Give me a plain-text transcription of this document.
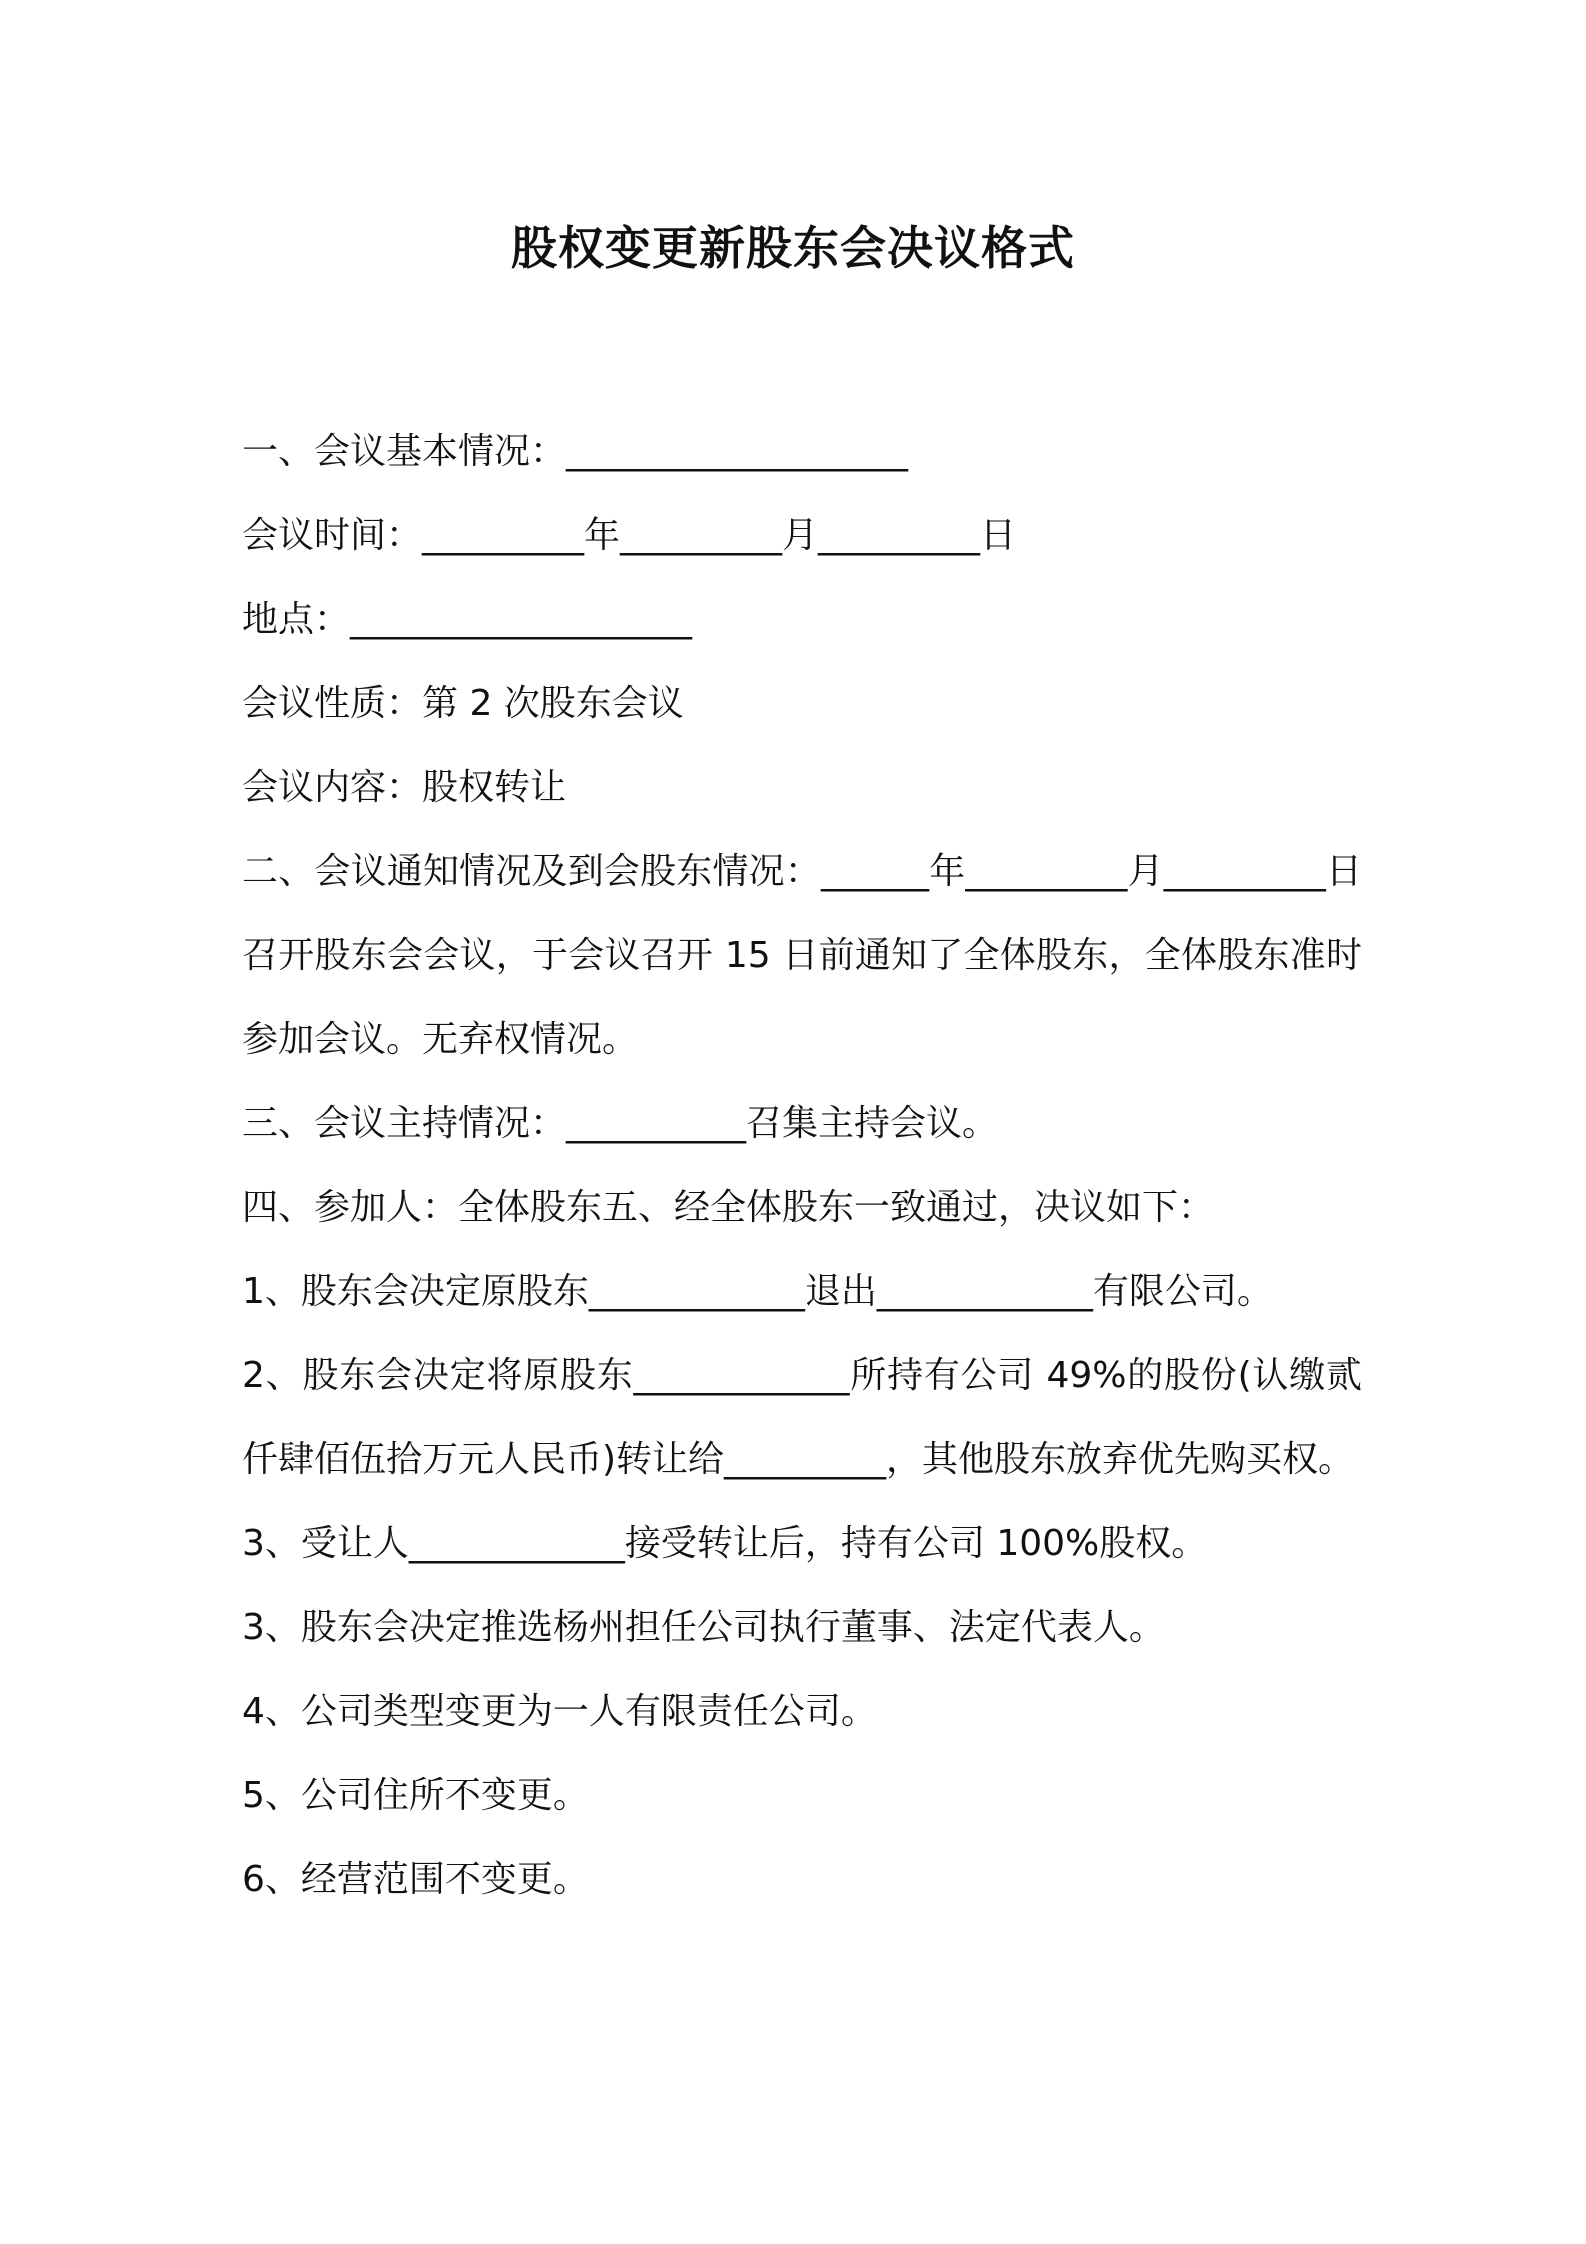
股权变更新股东会决议格式

一、会议基本情况：___________________

会议时间：_________年_________月_________日

地点：___________________

会议性质：第 2 次股东会议

会议内容：股权转让

二、会议通知情况及到会股东情况：______年_________月_________日召开股东会会议，于会议召开 15 日前通知了全体股东，全体股东准时参加会议。无弃权情况。

三、会议主持情况：__________召集主持会议。

四、参加人：全体股东五、经全体股东一致通过，决议如下：

1、股东会决定原股东____________退出____________有限公司。

2、股东会决定将原股东____________所持有公司 49%的股份(认缴贰仟肆佰伍拾万元人民币)转让给_________，其他股东放弃优先购买权。

3、受让人____________接受转让后，持有公司 100%股权。

3、股东会决定推选杨州担任公司执行董事、法定代表人。

4、公司类型变更为一人有限责任公司。

5、公司住所不变更。

6、经营范围不变更。
